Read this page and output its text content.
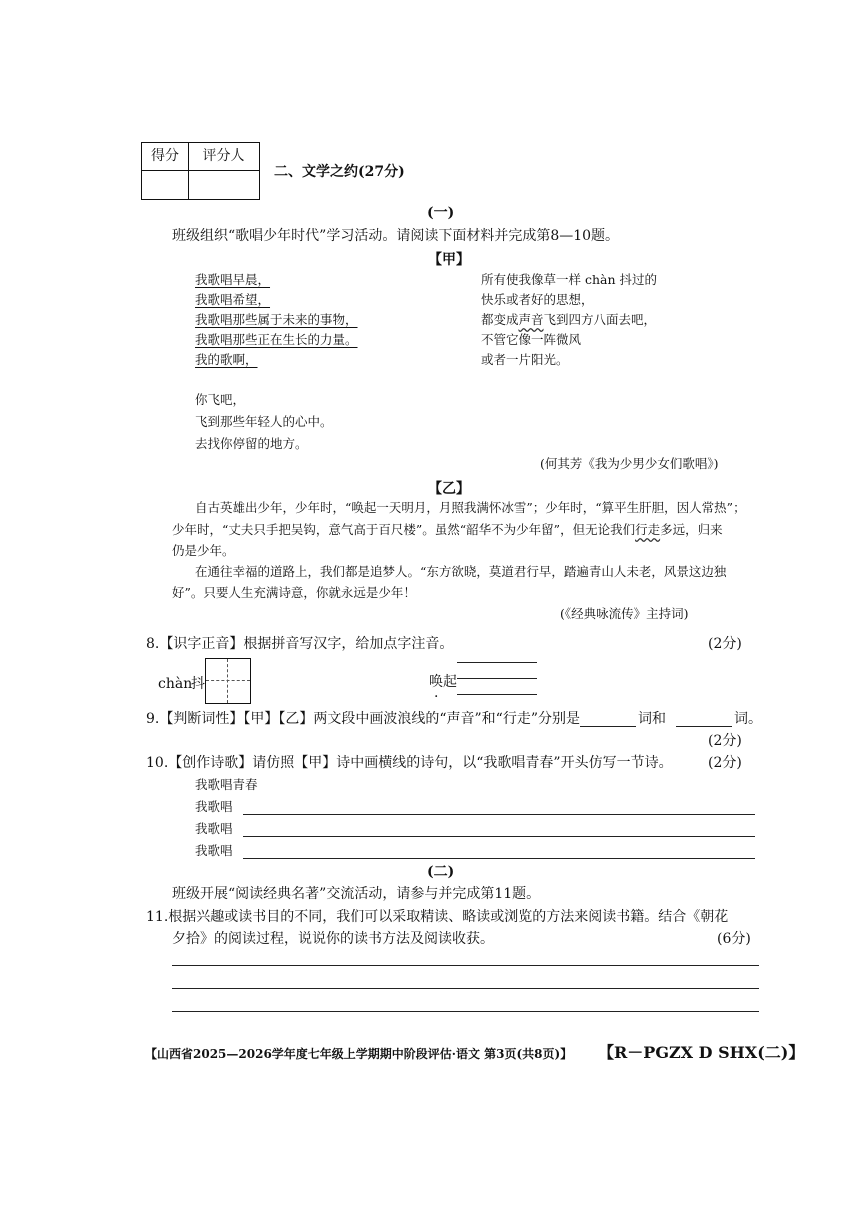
得分	评分人
二、文学之约(27分)
(一)
班级组织“歌唱少年时代”学习活动。请阅读下面材料并完成第8—10题。
【甲】
我歌唱早晨，
我歌唱希望，
我歌唱那些属于未来的事物，
我歌唱那些正在生长的力量。
我的歌啊，
所有使我像草一样 chàn 抖过的
快乐或者好的思想，
都变成声音飞到四方八面去吧，
不管它像一阵微风
或者一片阳光。
你飞吧，
飞到那些年轻人的心中。
去找你停留的地方。
(何其芳《我为少男少女们歌唱》)
【乙】
自古英雄出少年，少年时，“唤起一天明月，月照我满怀冰雪”；少年时，“算平生肝胆，因人常热”；
少年时，“丈夫只手把吴钩，意气高于百尺楼”。虽然“韶华不为少年留”，但无论我们行走多远，归来
仍是少年。
在通往幸福的道路上，我们都是追梦人。“东方欲晓，莫道君行早，踏遍青山人未老，风景这边独
好”。只要人生充满诗意，你就永远是少年！
(《经典咏流传》主持词)
8.【识字正音】根据拼音写汉字，给加点字注音。	(2分)
chàn
抖	唤起
·
9.【判断词性】【甲】【乙】两文段中画波浪线的“声音”和“行走”分别是	词和	词。
(2分)
10.【创作诗歌】请仿照【甲】诗中画横线的诗句，以“我歌唱青春”开头仿写一节诗。	(2分)
我歌唱青春
我歌唱
我歌唱
我歌唱
(二)
班级开展“阅读经典名著”交流活动，请参与并完成第11题。
11.根据兴趣或读书目的不同，我们可以采取精读、略读或浏览的方法来阅读书籍。结合《朝花
夕拾》的阅读过程，说说你的读书方法及阅读收获。	(6分)
【山西省2025—2026学年度七年级上学期期中阶段评估·语文 第3页(共8页)】 【R－PGZX D SHX(二)】
